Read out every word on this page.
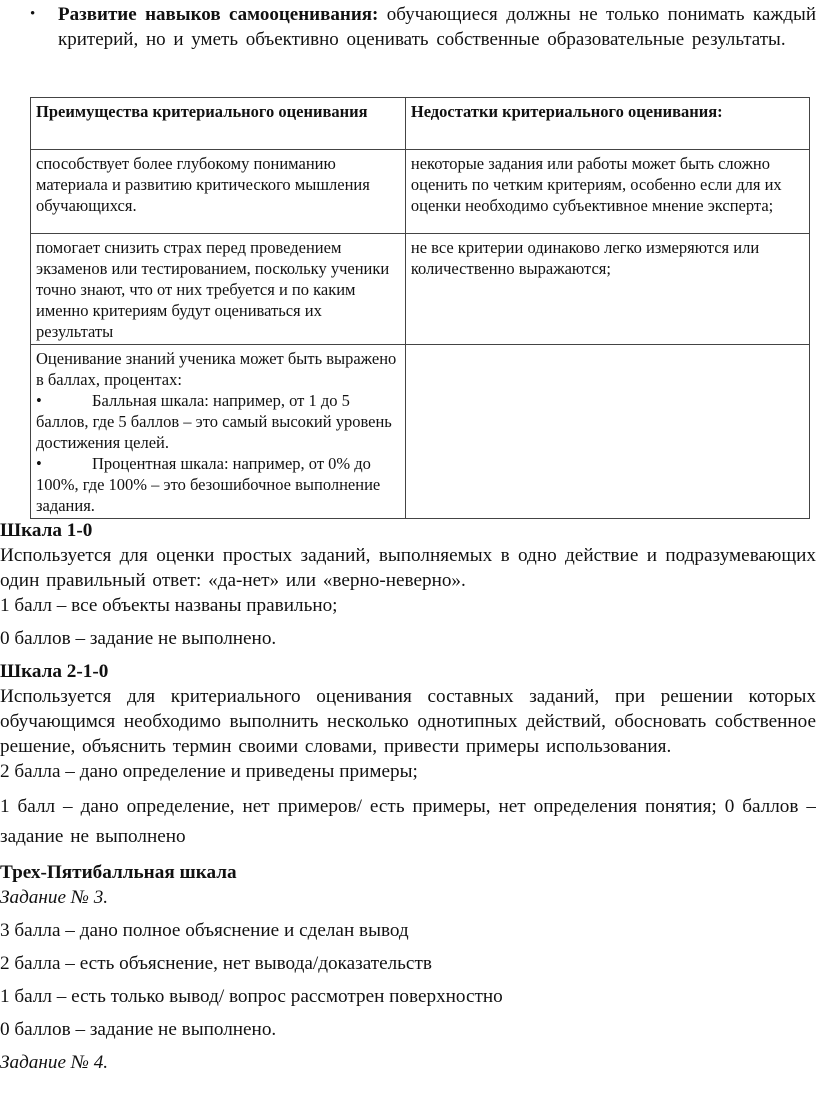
• Развитие навыков самооценивания: обучающиеся должны не только понимать каждый критерий, но и уметь объективно оценивать собственные образовательные результаты.
Преимущества критериального оценивания	Недостатки критериального оценивания:
способствует более глубокому пониманию материала и развитию критического мышления обучающихся.	некоторые задания или работы может быть сложно оценить по четким критериям, особенно если для их оценки необходимо субъективное мнение эксперта;
помогает снизить страх перед проведением экзаменов или тестированием, поскольку ученики точно знают, что от них требуется и по каким именно критериям будут оцениваться их результаты	не все критерии одинаково легко измеряются или количественно выражаются;

Оценивание знаний ученика может быть выражено в баллах, процентах:
• Балльная шкала: например, от 1 до 5 баллов, где 5 баллов – это самый высокий уровень достижения целей.
• Процентная шкала: например, от 0% до 100%, где 100% – это безошибочное выполнение задания.	

Шкала 1-0

Используется для оценки простых заданий, выполняемых в одно действие и подразумевающих один правильный ответ: «да-нет» или «верно-неверно».

1 балл – все объекты названы правильно;

0 баллов – задание не выполнено.

Шкала 2-1-0

Используется для критериального оценивания составных заданий, при решении которых обучающимся необходимо выполнить несколько однотипных действий, обосновать собственное решение, объяснить термин своими словами, привести примеры использования.

2 балла – дано определение и приведены примеры;

1 балл – дано определение, нет примеров/ есть примеры, нет определения понятия; 0 баллов – задание не выполнено

Трех-Пятибалльная шкала

Задание № 3.

3 балла – дано полное объяснение и сделан вывод

2 балла – есть объяснение, нет вывода/доказательств

1 балл – есть только вывод/ вопрос рассмотрен поверхностно

0 баллов – задание не выполнено.

Задание № 4.
